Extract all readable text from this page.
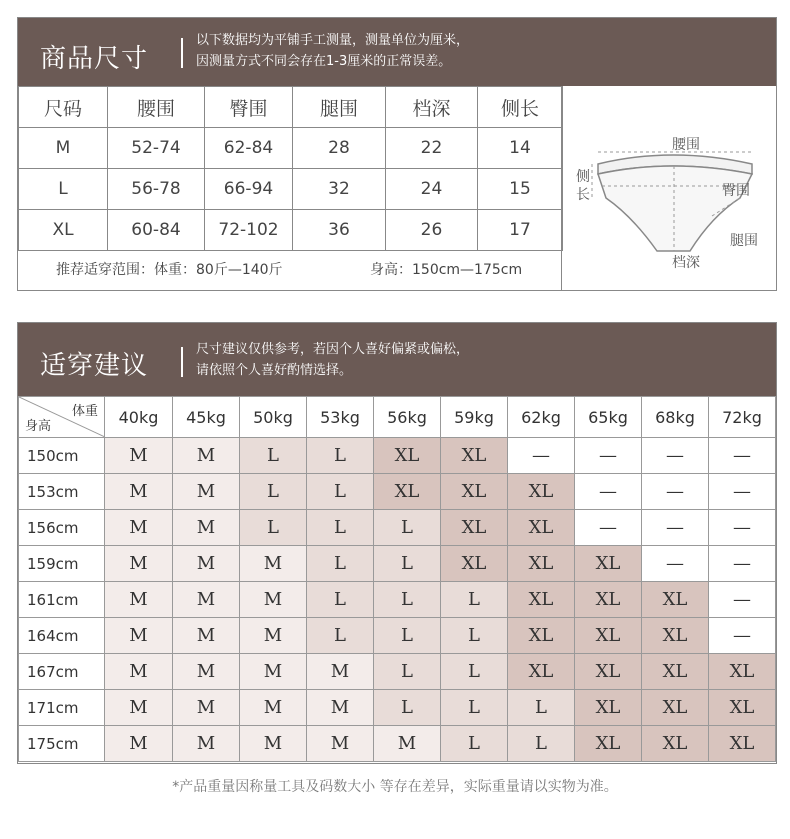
商品尺寸
以下数据均为平铺手工测量，测量单位为厘米，
因测量方式不同会存在1-3厘米的正常误差。
尺码	腰围	臀围	腿围	档深	侧长
M	52-74	62-84	28	22	14
L	56-78	66-94	32	24	15
XL	60-84	72-102	36	26	17
推荐适穿范围：体重：80斤—140斤	身高：150cm—175cm
腰围
侧
长	臀围
腿围
档深
适穿建议
尺寸建议仅供参考，若因个人喜好偏紧或偏松，
请依照个人喜好酌情选择。
体重
身高	40kg	45kg	50kg	53kg	56kg	59kg	62kg	65kg	68kg	72kg
150cm	M	M	L	L	XL	XL	—	—	—	—
153cm	M	M	L	L	XL	XL	XL	—	—	—
156cm	M	M	L	L	L	XL	XL	—	—	—
159cm	M	M	M	L	L	XL	XL	XL	—	—
161cm	M	M	M	L	L	L	XL	XL	XL	—
164cm	M	M	M	L	L	L	XL	XL	XL	—
167cm	M	M	M	M	L	L	XL	XL	XL	XL
171cm	M	M	M	M	L	L	L	XL	XL	XL
175cm	M	M	M	M	M	L	L	XL	XL	XL
*产品重量因称量工具及码数大小 等存在差异，实际重量请以实物为准。
